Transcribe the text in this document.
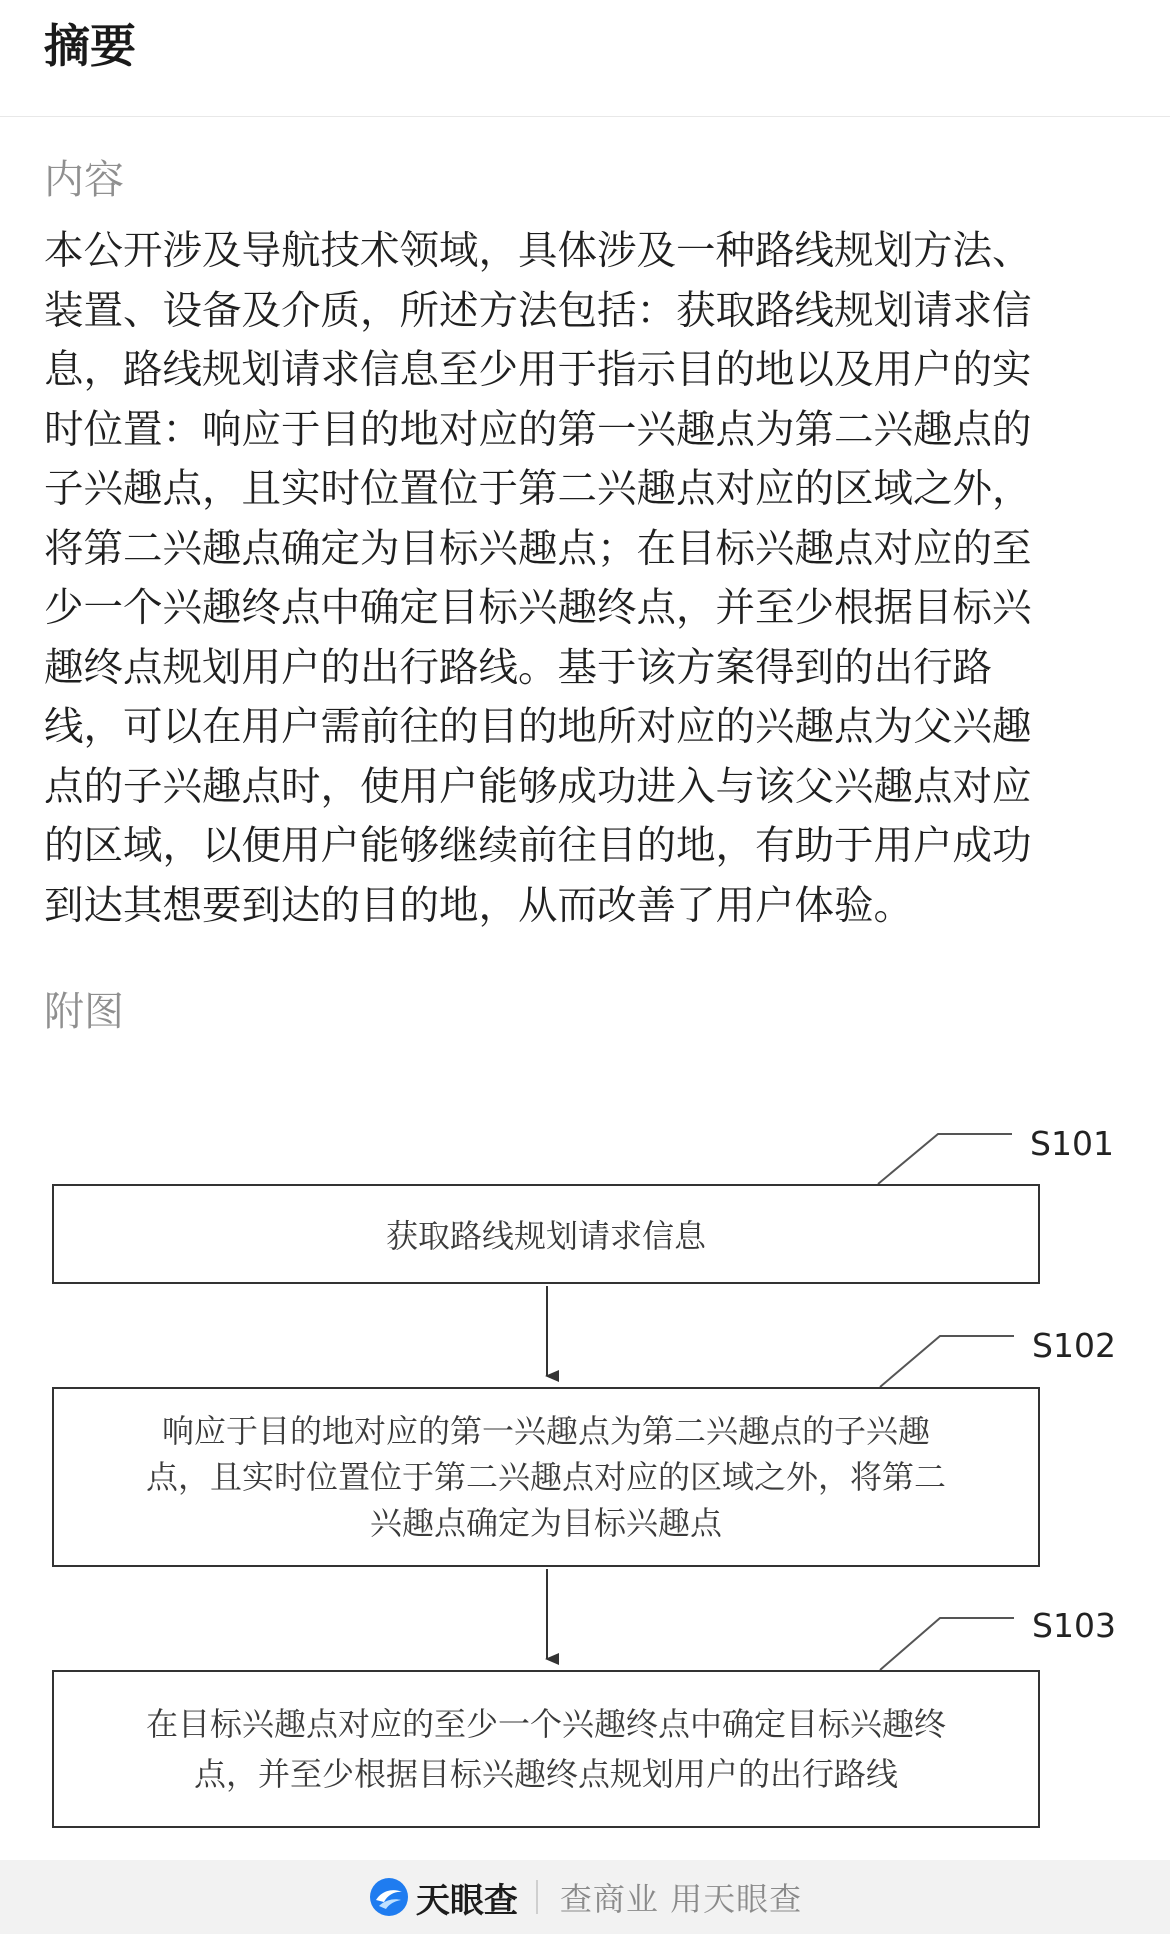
摘要
内容
本公开涉及导航技术领域，具体涉及一种路线规划方法、
装置、设备及介质，所述方法包括：获取路线规划请求信
息，路线规划请求信息至少用于指示目的地以及用户的实
时位置：响应于目的地对应的第一兴趣点为第二兴趣点的
子兴趣点，且实时位置位于第二兴趣点对应的区域之外，
将第二兴趣点确定为目标兴趣点；在目标兴趣点对应的至
少一个兴趣终点中确定目标兴趣终点，并至少根据目标兴
趣终点规划用户的出行路线。基于该方案得到的出行路
线，可以在用户需前往的目的地所对应的兴趣点为父兴趣
点的子兴趣点时，使用户能够成功进入与该父兴趣点对应
的区域，以便用户能够继续前往目的地，有助于用户成功
到达其想要到达的目的地，从而改善了用户体验。
附图
S101
获取路线规划请求信息
S102
响应于目的地对应的第一兴趣点为第二兴趣点的子兴趣
点，且实时位置位于第二兴趣点对应的区域之外，将第二
兴趣点确定为目标兴趣点
S103
在目标兴趣点对应的至少一个兴趣终点中确定目标兴趣终
点，并至少根据目标兴趣终点规划用户的出行路线
天眼查 查商业 用天眼查
